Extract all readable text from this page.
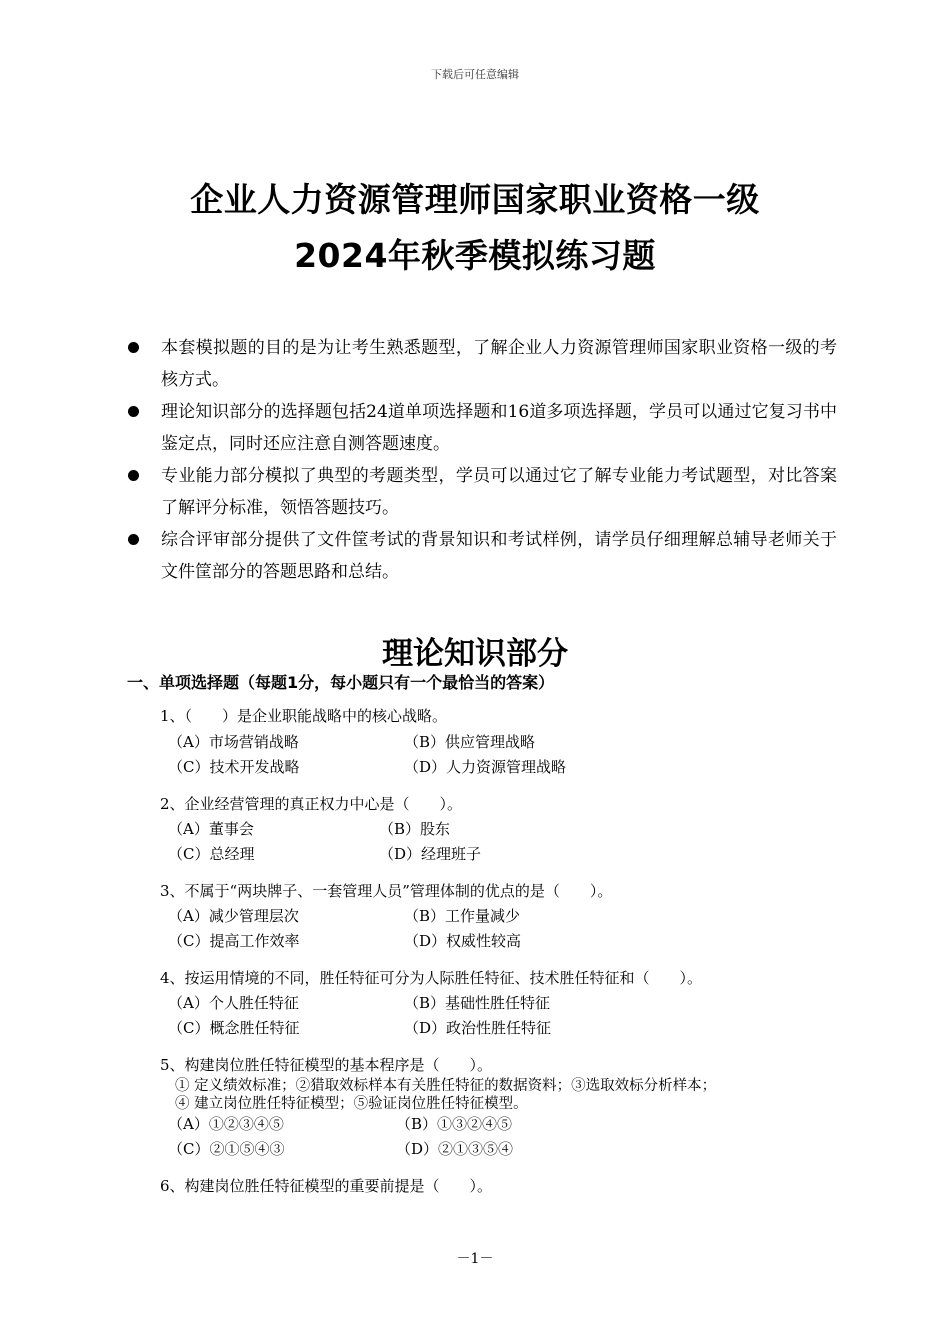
下载后可任意编辑
企业人力资源管理师国家职业资格一级
2024年秋季模拟练习题
本套模拟题的目的是为让考生熟悉题型，了解企业人力资源管理师国家职业资格一级的考核方式。
理论知识部分的选择题包括24道单项选择题和16道多项选择题，学员可以通过它复习书中鉴定点，同时还应注意自测答题速度。
专业能力部分模拟了典型的考题类型，学员可以通过它了解专业能力考试题型，对比答案了解评分标准，领悟答题技巧。
综合评审部分提供了文件筐考试的背景知识和考试样例，请学员仔细理解总辅导老师关于文件筐部分的答题思路和总结。
理论知识部分
一、单项选择题（每题1分，每小题只有一个最恰当的答案）
1、（　　）是企业职能战略中的核心战略。
（A）市场营销战略	（B）供应管理战略
（C）技术开发战略	（D）人力资源管理战略
2、企业经营管理的真正权力中心是（　　）。
（A）董事会	（B）股东
（C）总经理	（D）经理班子
3、不属于“两块牌子、一套管理人员”管理体制的优点的是（　　）。
（A）减少管理层次	（B）工作量减少
（C）提高工作效率	（D）权威性较高
4、按运用情境的不同，胜任特征可分为人际胜任特征、技术胜任特征和（　　）。
（A）个人胜任特征	（B）基础性胜任特征
（C）概念胜任特征	（D）政治性胜任特征
5、构建岗位胜任特征模型的基本程序是（　　）。
① 定义绩效标准；②猎取效标样本有关胜任特征的数据资料；③选取效标分析样本；
④ 建立岗位胜任特征模型；⑤验证岗位胜任特征模型。
（A）①②③④⑤	（B）①③②④⑤
（C）②①⑤④③	（D）②①③⑤④
6、构建岗位胜任特征模型的重要前提是（　　）。
－1－
